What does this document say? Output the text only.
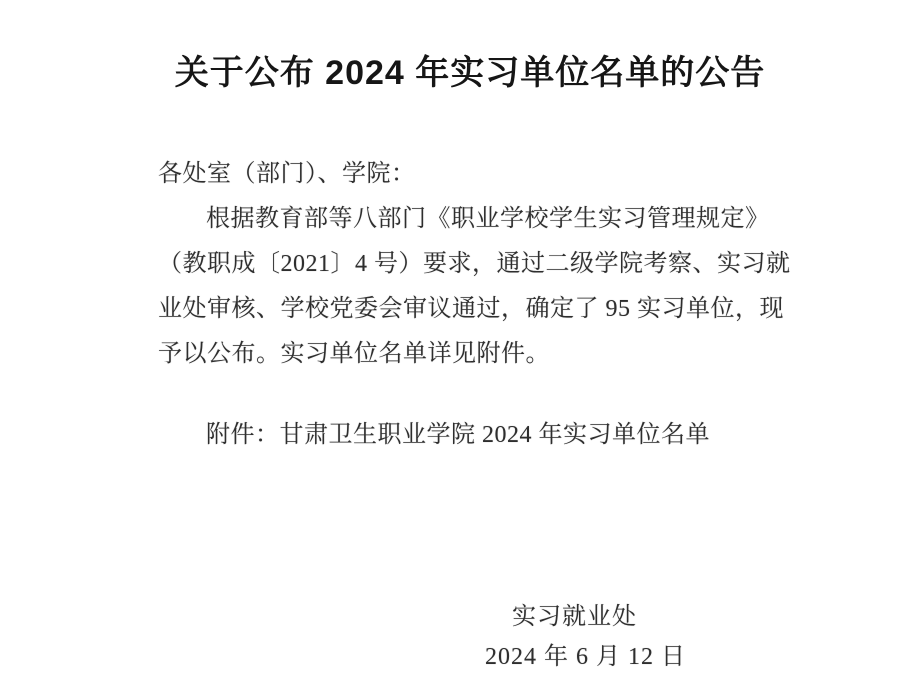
关于公布 2024 年实习单位名单的公告
各处室（部门）、学院：
根据教育部等八部门《职业学校学生实习管理规定》
（教职成〔2021〕4 号）要求，通过二级学院考察、实习就
业处审核、学校党委会审议通过，确定了 95 实习单位，现
予以公布。实习单位名单详见附件。
附件：甘肃卫生职业学院 2024 年实习单位名单
实习就业处
2024 年 6 月 12 日
